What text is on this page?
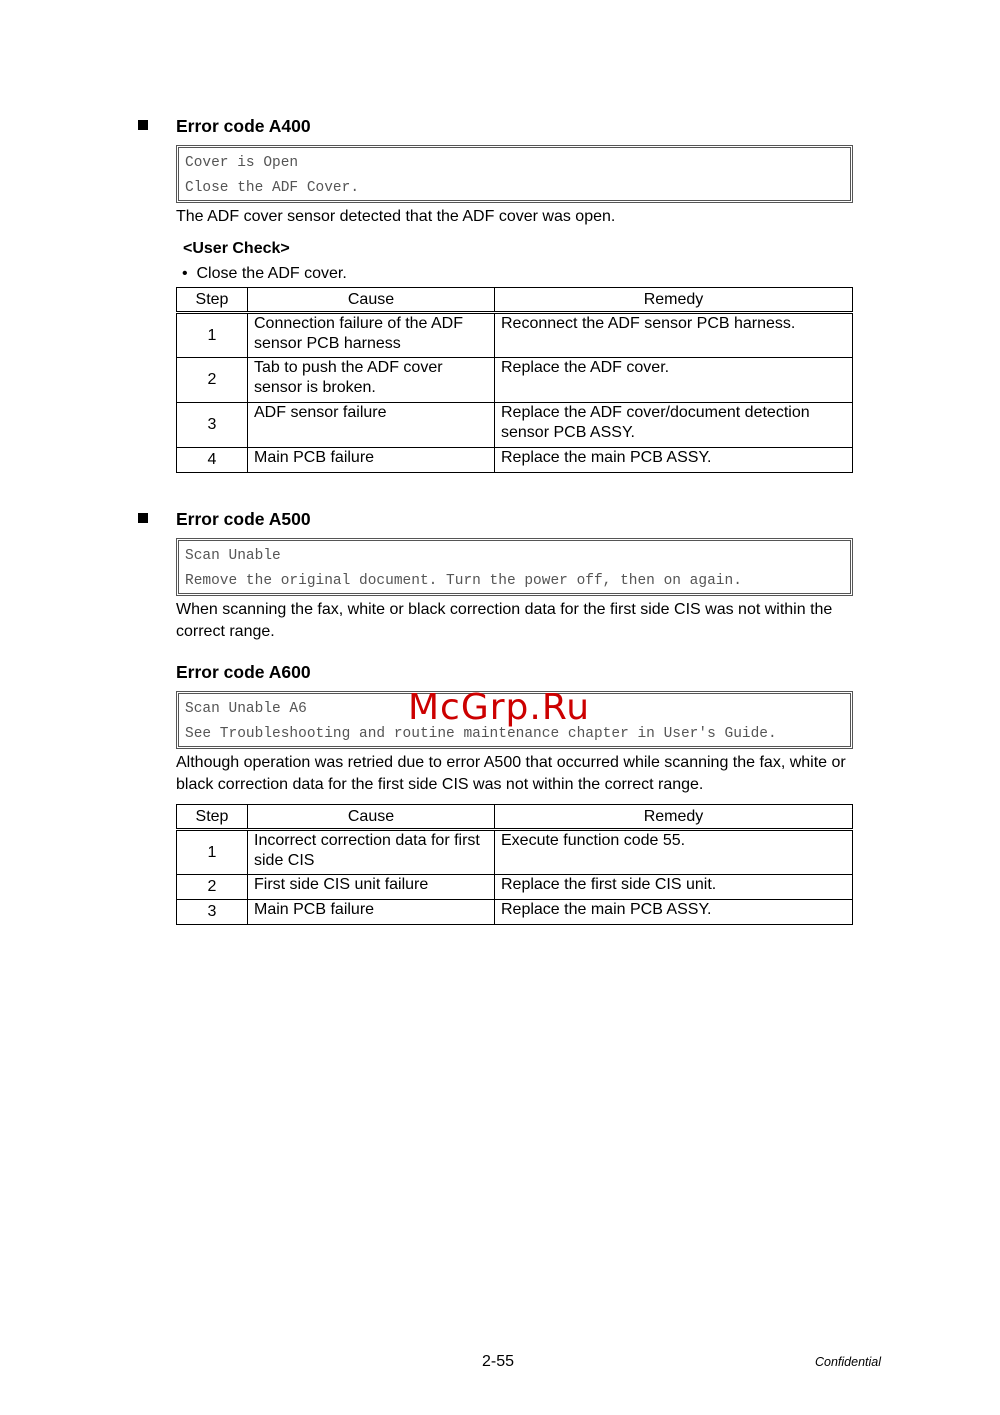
Error code A400
Cover is Open
Close the ADF Cover.
The ADF cover sensor detected that the ADF cover was open.
<User Check>
•  Close the ADF cover.
Step	Cause	Remedy
1	Connection failure of the ADF sensor PCB harness	Reconnect the ADF sensor PCB harness.
2	Tab to push the ADF cover sensor is broken.	Replace the ADF cover.
3	ADF sensor failure	Replace the ADF cover/document detection sensor PCB ASSY.
4	Main PCB failure	Replace the main PCB ASSY.
Error code A500
Scan Unable
Remove the original document. Turn the power off, then on again.
When scanning the fax, white or black correction data for the first side CIS was not within the correct range.
Error code A600
Scan Unable A6
See Troubleshooting and routine maintenance chapter in User's Guide.
McGrp.Ru
Although operation was retried due to error A500 that occurred while scanning the fax, white or black correction data for the first side CIS was not within the correct range.
Step	Cause	Remedy
1	Incorrect correction data for first side CIS	Execute function code 55.
2	First side CIS unit failure	Replace the first side CIS unit.
3	Main PCB failure	Replace the main PCB ASSY.
2-55	Confidential
